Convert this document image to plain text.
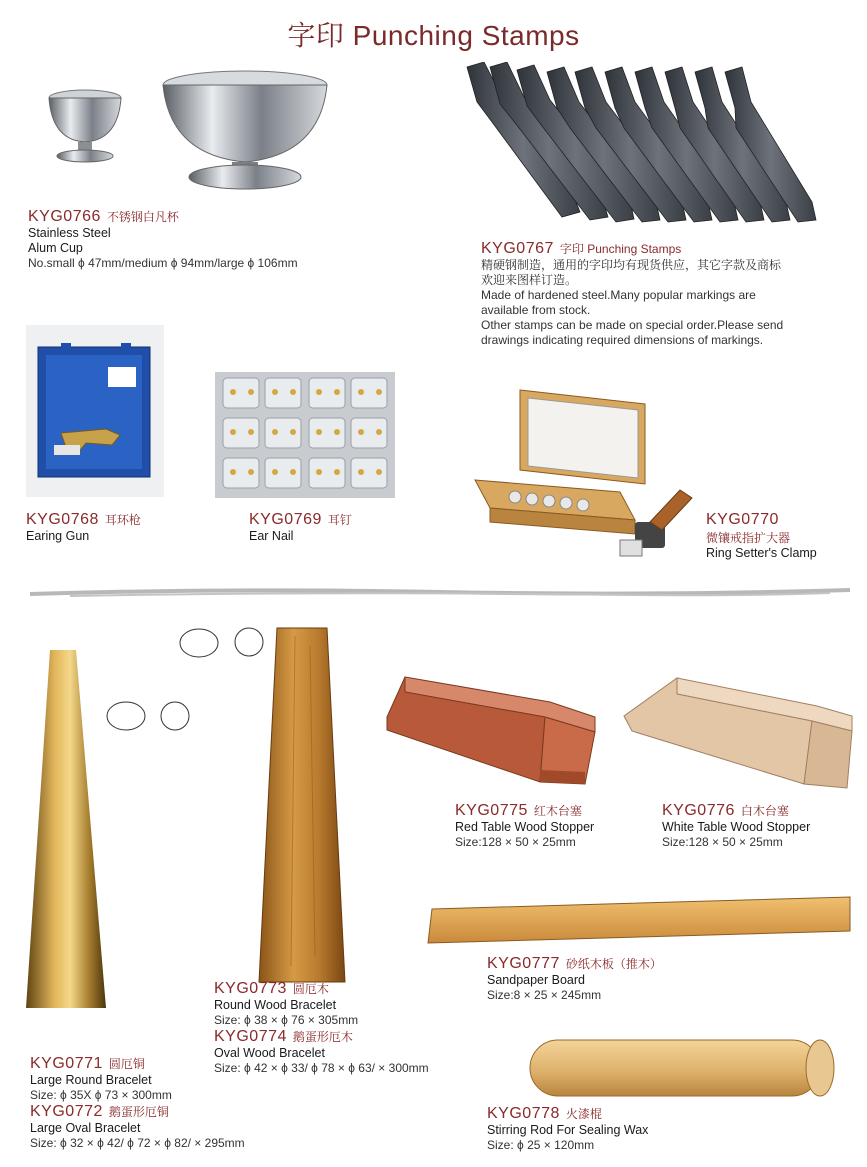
字印 Punching Stamps
KYG0766 不锈钢白凡杯
Stainless Steel
Alum Cup
No.small ϕ 47mm/medium ϕ 94mm/large ϕ 106mm
KYG0767 字印 Punching Stamps
精硬钢制造，通用的字印均有现货供应，其它字款及商标
欢迎来图样订造。
Made of hardened steel.Many popular markings are
available from stock.
Other stamps can be made on special order.Please send
drawings indicating required dimensions of markings.
KYG0768 耳环枪
Earing Gun
KYG0769 耳钉
Ear Nail
KYG0770
微镶戒指扩大器
Ring Setter's Clamp
KYG0775 红木台塞
Red Table Wood Stopper
Size:128 × 50 × 25mm
KYG0776 白木台塞
White Table Wood Stopper
Size:128 × 50 × 25mm
KYG0777 砂纸木板（推木）
Sandpaper Board
Size:8 × 25 × 245mm
KYG0778 火漆棍
Stirring Rod For Sealing Wax
Size: ϕ 25 × 120mm
KYG0773 圆厄木
Round Wood Bracelet
Size: ϕ 38 × ϕ 76 × 305mm
KYG0774 鹅蛋形厄木
Oval Wood Bracelet
Size: ϕ 42 × ϕ 33/ ϕ 78 × ϕ 63/ × 300mm
KYG0771 圆厄铜
Large Round Bracelet
Size: ϕ 35X ϕ 73 × 300mm
KYG0772 鹅蛋形厄铜
Large Oval Bracelet
Size: ϕ 32 × ϕ 42/ ϕ 72 × ϕ 82/ × 295mm
